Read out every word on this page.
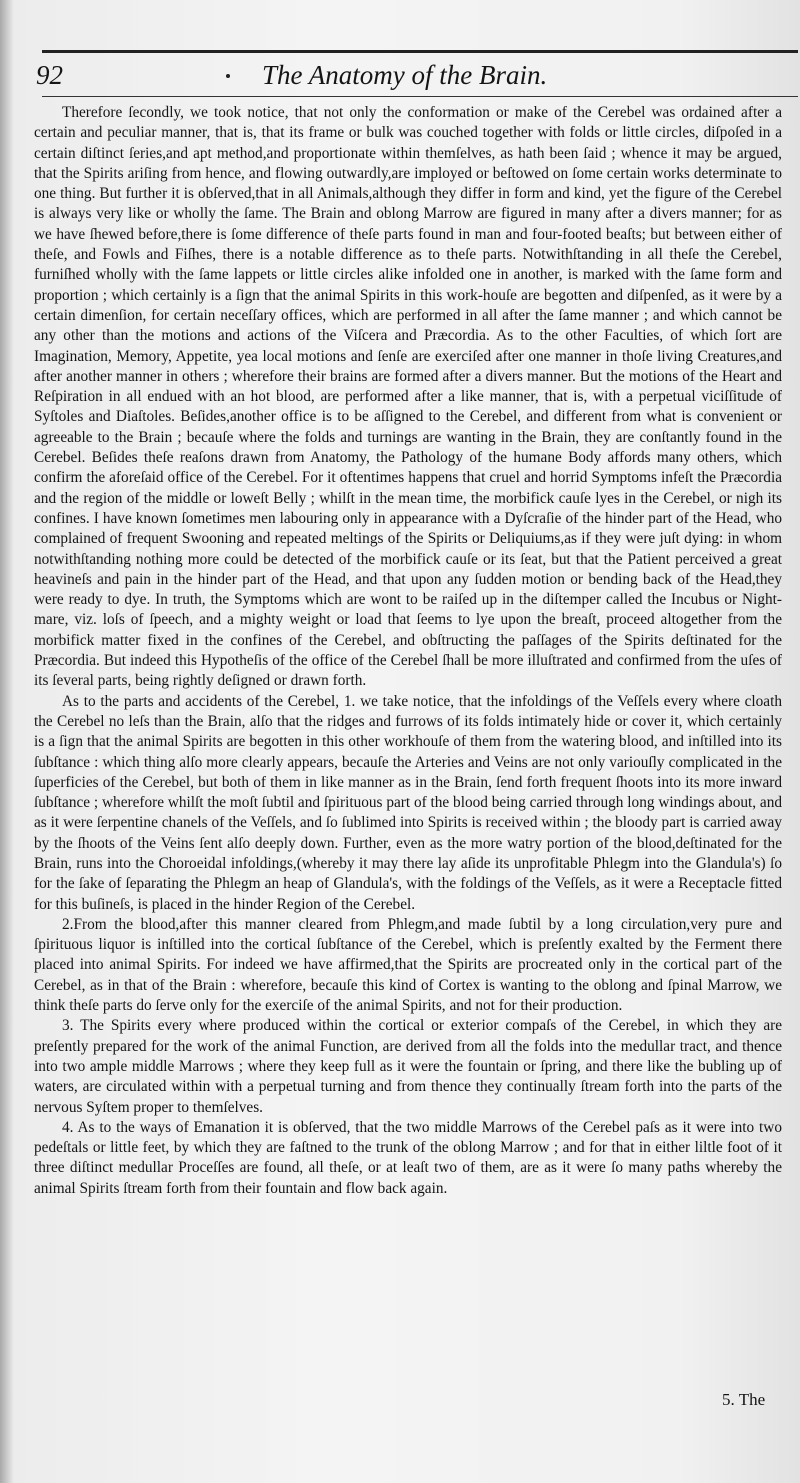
92	The Anatomy of the Brain.

Therefore ſecondly, we took notice, that not only the conformation or make of the Cerebel was ordained after a certain and peculiar manner, that is, that its frame or bulk was couched together with folds or little circles, diſpoſed in a certain diſtinct ſeries,and apt method,and proportionate within themſelves, as hath been ſaid ; whence it may be argued, that the Spirits ariſing from hence, and flowing outwardly,are imployed or beſtowed on ſome certain works determinate to one thing. But further it is obſerved,that in all Animals,although they differ in form and kind, yet the figure of the Cerebel is always very like or wholly the ſame. The Brain and oblong Marrow are figured in many after a divers manner; for as we have ſhewed before,there is ſome difference of theſe parts found in man and four-footed beaſts; but between either of theſe, and Fowls and Fiſhes, there is a notable difference as to theſe parts. Notwithſtanding in all theſe the Cerebel, furniſhed wholly with the ſame lappets or little circles alike infolded one in another, is marked with the ſame form and proportion ; which certainly is a ſign that the animal Spirits in this work-houſe are begotten and diſpenſed, as it were by a certain dimenſion, for certain neceſſary offices, which are performed in all after the ſame manner ; and which cannot be any other than the motions and actions of the Viſcera and Præcordia. As to the other Faculties, of which ſort are Imagination, Memory, Appetite, yea local motions and ſenſe are exerciſed after one manner in thoſe living Creatures,and after another manner in others ; wherefore their brains are formed after a divers manner. But the motions of the Heart and Reſpiration in all endued with an hot blood, are performed after a like manner, that is, with a perpetual viciſſitude of Syſtoles and Diaſtoles. Beſides,another office is to be aſſigned to the Cerebel, and different from what is convenient or agreeable to the Brain ; becauſe where the folds and turnings are wanting in the Brain, they are conſtantly found in the Cerebel. Beſides theſe reaſons drawn from Anatomy, the Pathology of the humane Body affords many others, which confirm the aforeſaid office of the Cerebel. For it oftentimes happens that cruel and horrid Symptoms infeſt the Præcordia and the region of the middle or loweſt Belly ; whilſt in the mean time, the morbifick cauſe lyes in the Cerebel, or nigh its confines. I have known ſometimes men labouring only in appearance with a Dyſcraſie of the hinder part of the Head, who complained of frequent Swooning and repeated meltings of the Spirits or Deliquiums,as if they were juſt dying: in whom notwithſtanding nothing more could be detected of the morbifick cauſe or its ſeat, but that the Patient perceived a great heavineſs and pain in the hinder part of the Head, and that upon any ſudden motion or bending back of the Head,they were ready to dye. In truth, the Symptoms which are wont to be raiſed up in the diſtemper called the Incubus or Night-mare, viz. loſs of ſpeech, and a mighty weight or load that ſeems to lye upon the breaſt, proceed altogether from the morbifick matter fixed in the confines of the Cerebel, and obſtructing the paſſages of the Spirits deſtinated for the Præcordia. But indeed this Hypotheſis of the office of the Cerebel ſhall be more illuſtrated and confirmed from the uſes of its ſeveral parts, being rightly deſigned or drawn forth.

As to the parts and accidents of the Cerebel, 1. we take notice, that the infoldings of the Veſſels every where cloath the Cerebel no leſs than the Brain, alſo that the ridges and furrows of its folds intimately hide or cover it, which certainly is a ſign that the animal Spirits are begotten in this other workhouſe of them from the watering blood, and inſtilled into its ſubſtance : which thing alſo more clearly appears, becauſe the Arteries and Veins are not only variouſly complicated in the ſuperficies of the Cerebel, but both of them in like manner as in the Brain, ſend forth frequent ſhoots into its more inward ſubſtance ; wherefore whilſt the moſt ſubtil and ſpirituous part of the blood being carried through long windings about, and as it were ſerpentine chanels of the Veſſels, and ſo ſublimed into Spirits is received within ; the bloody part is carried away by the ſhoots of the Veins ſent alſo deeply down. Further, even as the more watry portion of the blood,deſtinated for the Brain, runs into the Choroeidal infoldings,(whereby it may there lay aſide its unprofitable Phlegm into the Glandula's) ſo for the ſake of ſeparating the Phlegm an heap of Glandula's, with the foldings of the Veſſels, as it were a Receptacle fitted for this buſineſs, is placed in the hinder Region of the Cerebel.

2.From the blood,after this manner cleared from Phlegm,and made ſubtil by a long circulation,very pure and ſpirituous liquor is inſtilled into the cortical ſubſtance of the Cerebel, which is preſently exalted by the Ferment there placed into animal Spirits. For indeed we have affirmed,that the Spirits are procreated only in the cortical part of the Cerebel, as in that of the Brain : wherefore, becauſe this kind of Cortex is wanting to the oblong and ſpinal Marrow, we think theſe parts do ſerve only for the exerciſe of the animal Spirits, and not for their production.

3. The Spirits every where produced within the cortical or exterior compaſs of the Cerebel, in which they are preſently prepared for the work of the animal Function, are derived from all the folds into the medullar tract, and thence into two ample middle Marrows ; where they keep full as it were the fountain or ſpring, and there like the bubling up of waters, are circulated within with a perpetual turning and from thence they continually ſtream forth into the parts of the nervous Syſtem proper to themſelves.

4. As to the ways of Emanation it is obſerved, that the two middle Marrows of the Cerebel paſs as it were into two pedeſtals or little feet, by which they are faſtned to the trunk of the oblong Marrow ; and for that in either liltle foot of it three diſtinct medullar Proceſſes are found, all theſe, or at leaſt two of them, are as it were ſo many paths whereby the animal Spirits ſtream forth from their fountain and flow back again.

5. The
